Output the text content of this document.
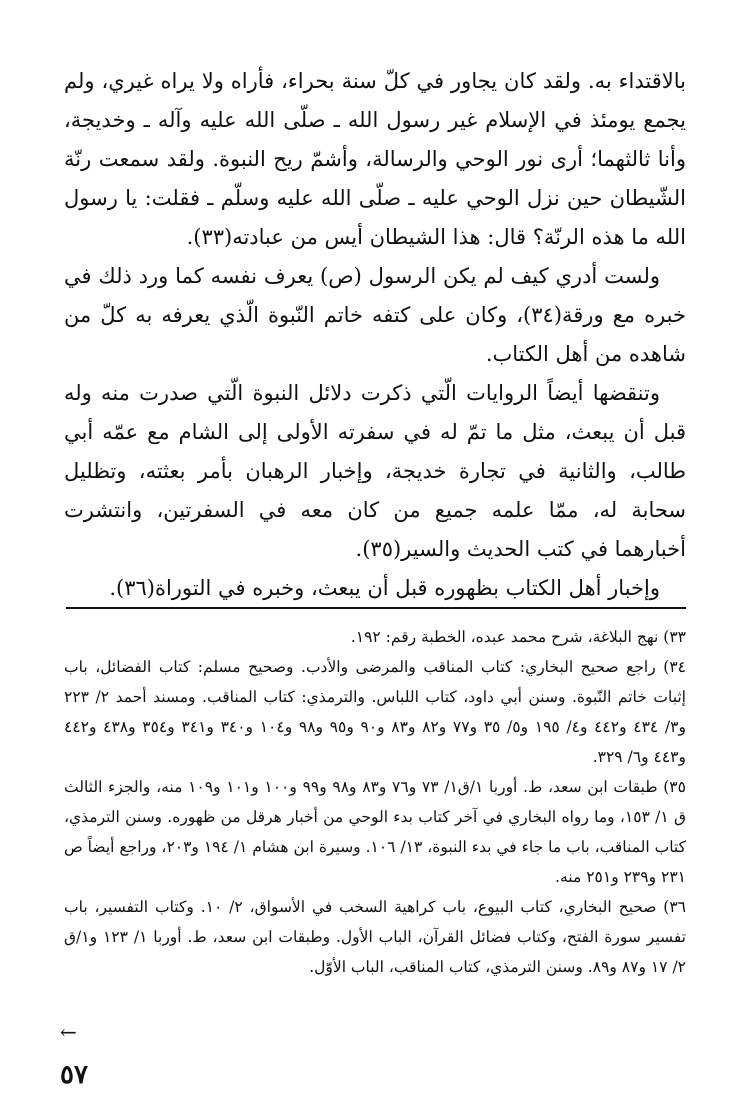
بالاقتداء به. ولقد كان يجاور في كلّ سنة بحراء، فأراه ولا يراه غيري، ولم يجمع يومئذ في الإسلام غير رسول الله ـ صلّى الله عليه وآله ـ وخديجة، وأنا ثالثهما؛ أرى نور الوحي والرسالة، وأشمّ ريح النبوة. ولقد سمعت رنّة الشّيطان حين نزل الوحي عليه ـ صلّى الله عليه وسلّم ـ فقلت: يا رسول الله ما هذه الرنّة؟ قال: هذا الشيطان أيس من عبادته(٣٣).

ولست أدري كيف لم يكن الرسول (ص) يعرف نفسه كما ورد ذلك في خبره مع ورقة(٣٤)، وكان على كتفه خاتم النّبوة الّذي يعرفه به كلّ من شاهده من أهل الكتاب.

وتنقضها أيضاً الروايات الّتي ذكرت دلائل النبوة الّتي صدرت منه وله قبل أن يبعث، مثل ما تمّ له في سفرته الأولى إلى الشام مع عمّه أبي طالب، والثانية في تجارة خديجة، وإخبار الرهبان بأمر بعثته، وتظليل سحابة له، ممّا علمه جميع من كان معه في السفرتين، وانتشرت أخبارهما في كتب الحديث والسير(٣٥).

وإخبار أهل الكتاب بظهوره قبل أن يبعث، وخبره في التوراة(٣٦).

٣٣) نهج البلاغة، شرح محمد عبده، الخطبة رقم: ١٩٢.

٣٤) راجع صحيح البخاري: كتاب المناقب والمرضى والأدب. وصحيح مسلم: كتاب الفضائل، باب إثبات خاتم النّبوة. وسنن أبي داود، كتاب اللباس. والترمذي: كتاب المناقب. ومسند أحمد ٢/ ٢٢٣ و٣/ ٤٣٤ و٤٤٢ و٤/ ١٩٥ و٥/ ٣٥ و٧٧ و٨٢ و٨٣ و٩٠ و٩٥ و٩٨ و١٠٤ و٣٤٠ و٣٤١ و٣٥٤ و٤٣٨ و٤٤٢ و٤٤٣ و٦/ ٣٢٩.

٣٥) طبقات ابن سعد، ط. أوربا ١/ق١/ ٧٣ و٧٦ و٨٣ و٩٨ و٩٩ و١٠٠ و١٠١ و١٠٩ منه، والجزء الثالث ق ١/ ١٥٣، وما رواه البخاري في آخر كتاب بدء الوحي من أخبار هرقل من ظهوره. وسنن الترمذي، كتاب المناقب، باب ما جاء في بدء النبوة، ١٣/ ١٠٦. وسيرة ابن هشام ١/ ١٩٤ و٢٠٣، وراجع أيضاً ص ٢٣١ و٢٣٩ و٢٥١ منه.

٣٦) صحيح البخاري، كتاب البيوع، باب كراهية السخب في الأسواق، ٢/ ١٠. وكتاب التفسير، باب تفسير سورة الفتح، وكتاب فضائل القرآن، الباب الأول. وطبقات ابن سعد، ط. أوربا ١/ ١٢٣ و١/ق ٢/ ١٧ و٨٧ و٨٩. وسنن الترمذي، كتاب المناقب، الباب الأوّل.

←
٥٧
